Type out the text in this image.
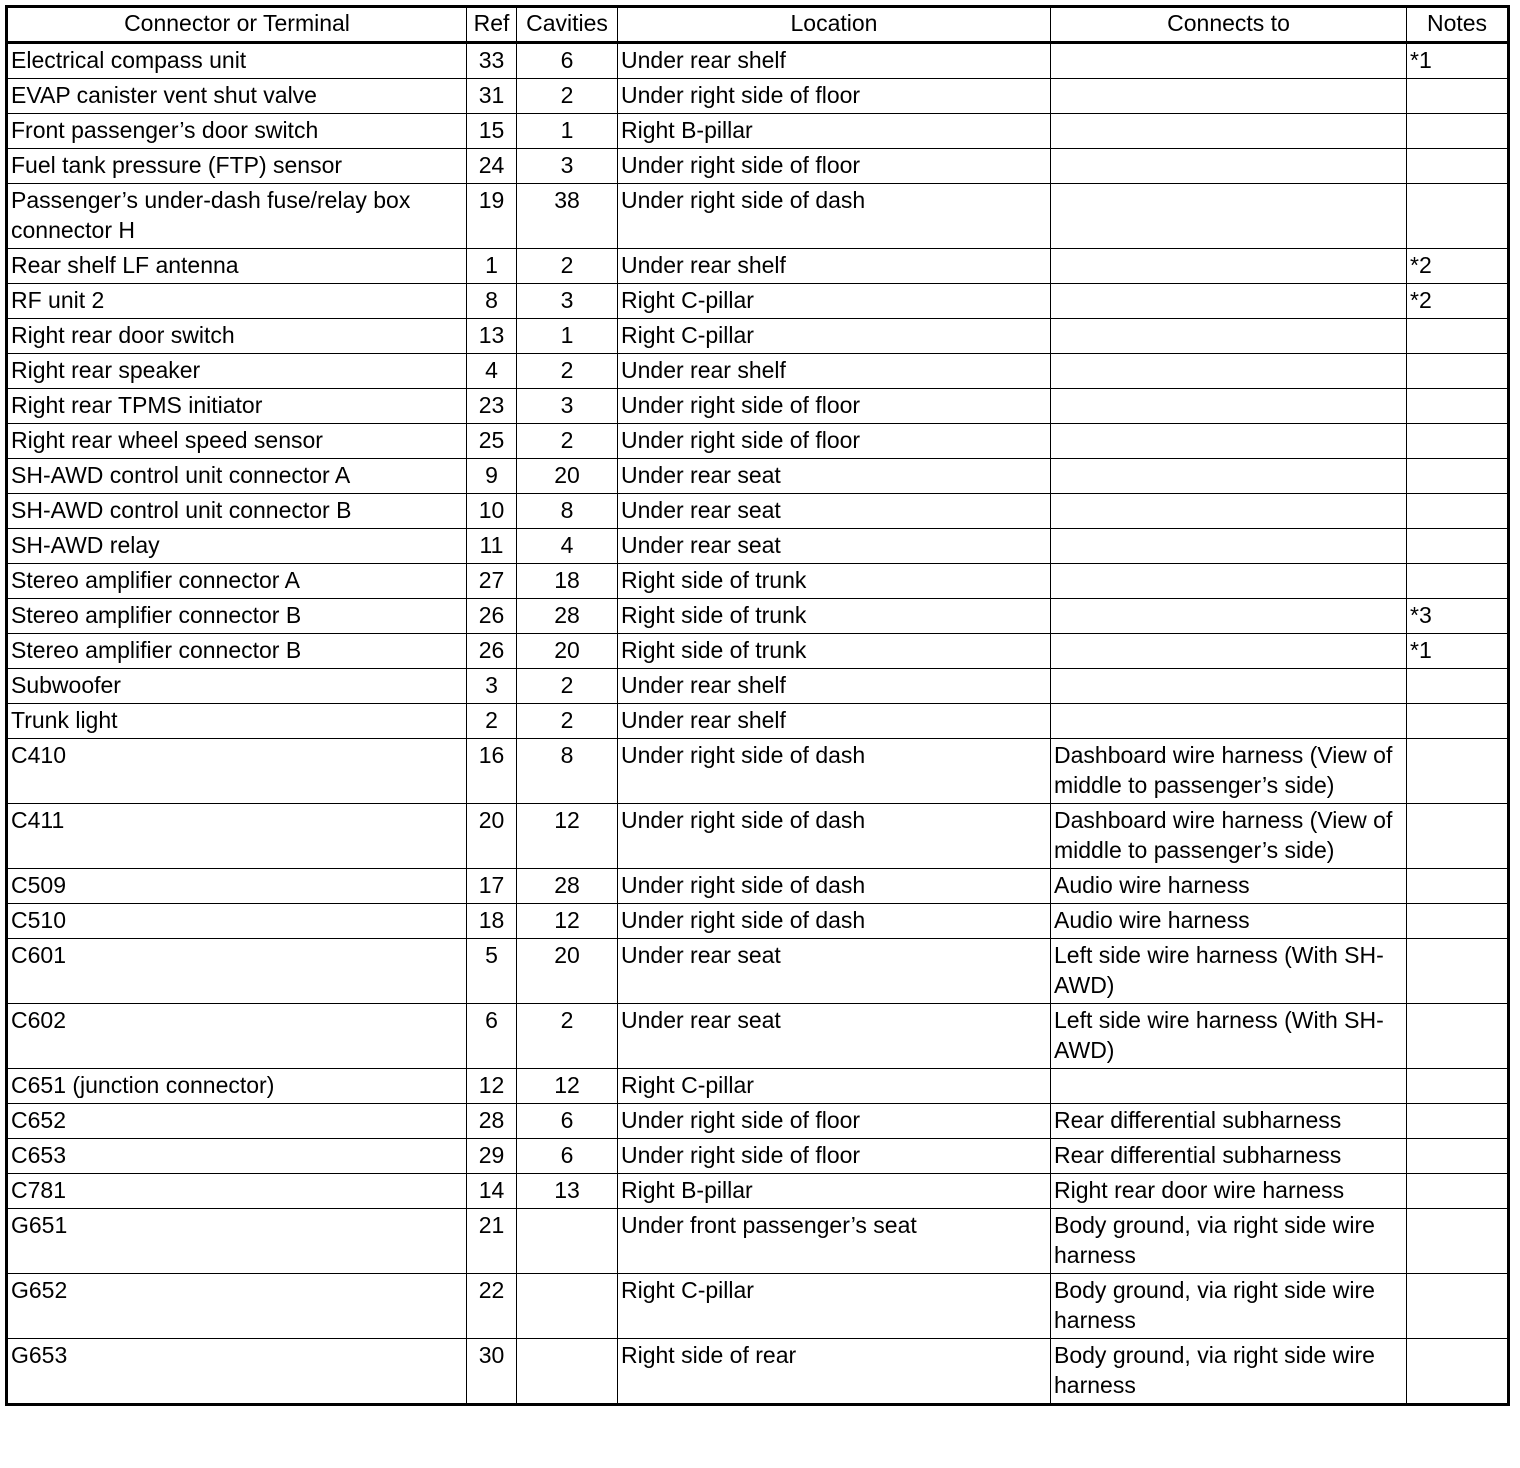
Connector or Terminal	Ref	Cavities	Location	Connects to	Notes
Electrical compass unit	33	6	Under rear shelf		*1
EVAP canister vent shut valve	31	2	Under right side of floor		
Front passenger’s door switch	15	1	Right B-pillar		
Fuel tank pressure (FTP) sensor	24	3	Under right side of floor		
Passenger’s under-dash fuse/relay box connector H	19	38	Under right side of dash		
Rear shelf LF antenna	1	2	Under rear shelf		*2
RF unit 2	8	3	Right C-pillar		*2
Right rear door switch	13	1	Right C-pillar		
Right rear speaker	4	2	Under rear shelf		
Right rear TPMS initiator	23	3	Under right side of floor		
Right rear wheel speed sensor	25	2	Under right side of floor		
SH-AWD control unit connector A	9	20	Under rear seat		
SH-AWD control unit connector B	10	8	Under rear seat		
SH-AWD relay	11	4	Under rear seat		
Stereo amplifier connector A	27	18	Right side of trunk		
Stereo amplifier connector B	26	28	Right side of trunk		*3
Stereo amplifier connector B	26	20	Right side of trunk		*1
Subwoofer	3	2	Under rear shelf		
Trunk light	2	2	Under rear shelf		
C410	16	8	Under right side of dash	Dashboard wire harness (View of middle to passenger’s side)	
C411	20	12	Under right side of dash	Dashboard wire harness (View of middle to passenger’s side)	
C509	17	28	Under right side of dash	Audio wire harness	
C510	18	12	Under right side of dash	Audio wire harness	
C601	5	20	Under rear seat	Left side wire harness (With SH-AWD)	
C602	6	2	Under rear seat	Left side wire harness (With SH-AWD)	
C651 (junction connector)	12	12	Right C-pillar		
C652	28	6	Under right side of floor	Rear differential subharness	
C653	29	6	Under right side of floor	Rear differential subharness	
C781	14	13	Right B-pillar	Right rear door wire harness	
G651	21		Under front passenger’s seat	Body ground, via right side wire harness	
G652	22		Right C-pillar	Body ground, via right side wire harness	
G653	30		Right side of rear	Body ground, via right side wire harness	
